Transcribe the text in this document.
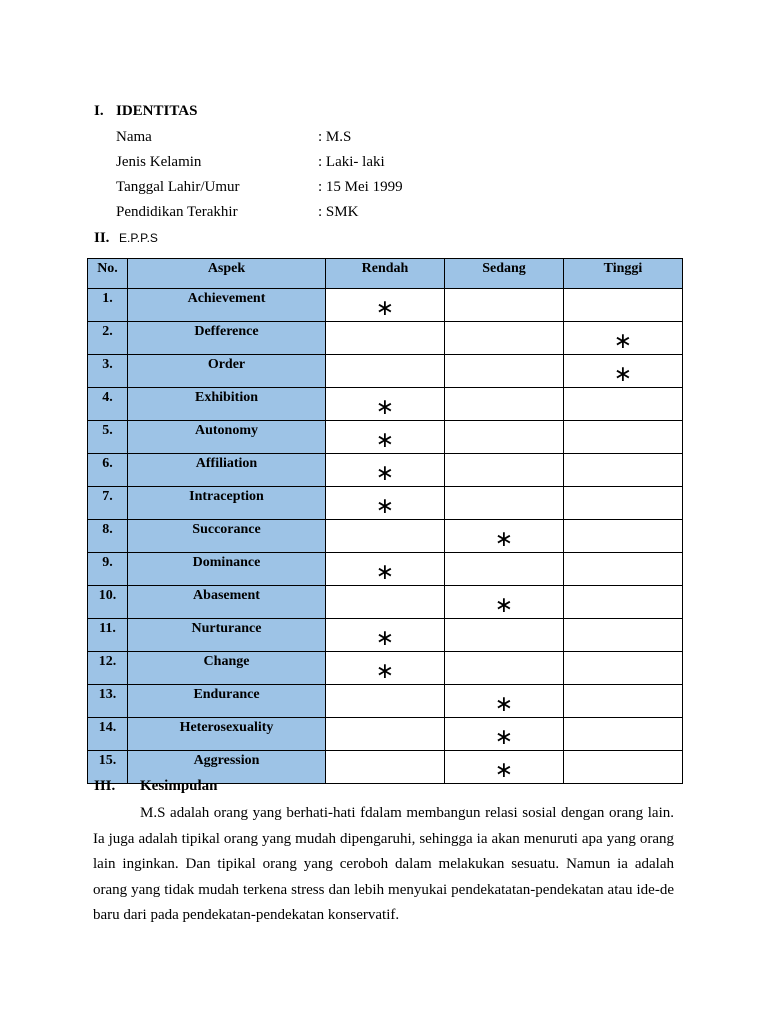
I. IDENTITAS
Nama	: M.S
Jenis Kelamin	: Laki- laki
Tanggal Lahir/Umur	: 15 Mei 1999
Pendidikan Terakhir	: SMK
II. E.P.P.S
No.	Aspek	Rendah	Sedang	Tinggi
1.	Achievement	∗		
2.	Defference			∗
3.	Order			∗
4.	Exhibition	∗		
5.	Autonomy	∗		
6.	Affiliation	∗		
7.	Intraception	∗		
8.	Succorance		∗	
9.	Dominance	∗		
10.	Abasement		∗	
11.	Nurturance	∗		
12.	Change	∗		
13.	Endurance		∗	
14.	Heterosexuality		∗	
15.	Aggression		∗	
III. Kesimpulan
M.S adalah orang yang berhati-hati fdalam membangun relasi sosial dengan orang lain. Ia juga adalah tipikal orang yang mudah dipengaruhi, sehingga ia akan menuruti apa yang orang lain inginkan. Dan tipikal orang yang ceroboh dalam melakukan sesuatu. Namun ia adalah orang yang tidak mudah terkena stress dan lebih menyukai pendekatatan-pendekatan atau ide-de baru dari pada pendekatan-pendekatan konservatif.
